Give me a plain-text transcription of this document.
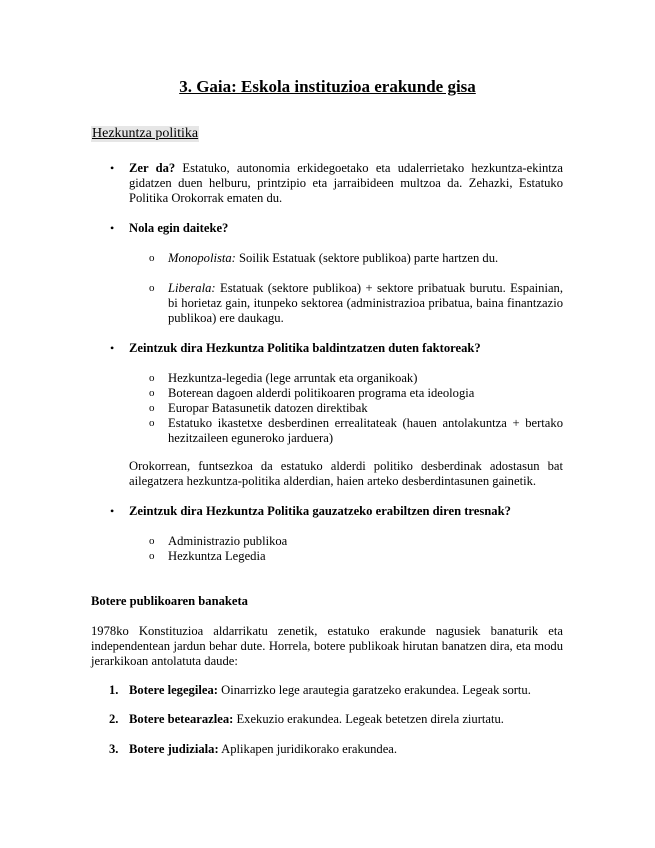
3. Gaia: Eskola instituzioa erakunde gisa
Hezkuntza politika
• Zer da? Estatuko, autonomia erkidegoetako eta udalerrietako hezkuntza-ekintza gidatzen duen helburu, printzipio eta jarraibideen multzoa da. Zehazki, Estatuko Politika Orokorrak ematen du.
• Nola egin daiteke?
o Monopolista: Soilik Estatuak (sektore publikoa) parte hartzen du.
o Liberala: Estatuak (sektore publikoa) + sektore pribatuak burutu. Espainian, bi horietaz gain, itunpeko sektorea (administrazioa pribatua, baina finantzazio publikoa) ere daukagu.
• Zeintzuk dira Hezkuntza Politika baldintzatzen duten faktoreak?
o Hezkuntza-legedia (lege arruntak eta organikoak)
o Boterean dagoen alderdi politikoaren programa eta ideologia
o Europar Batasunetik datozen direktibak
o Estatuko ikastetxe desberdinen errealitateak (hauen antolakuntza + bertako hezitzaileen eguneroko jarduera)
Orokorrean, funtsezkoa da estatuko alderdi politiko desberdinak adostasun bat ailegatzera hezkuntza-politika alderdian, haien arteko desberdintasunen gainetik.
• Zeintzuk dira Hezkuntza Politika gauzatzeko erabiltzen diren tresnak?
o Administrazio publikoa
o Hezkuntza Legedia
Botere publikoaren banaketa
1978ko Konstituzioa aldarrikatu zenetik, estatuko erakunde nagusiek banaturik eta independentean jardun behar dute. Horrela, botere publikoak hirutan banatzen dira, eta modu jerarkikoan antolatuta daude:
1. Botere legegilea: Oinarrizko lege arautegia garatzeko erakundea. Legeak sortu.
2. Botere betearazlea: Exekuzio erakundea. Legeak betetzen direla ziurtatu.
3. Botere judiziala: Aplikapen juridikorako erakundea.
